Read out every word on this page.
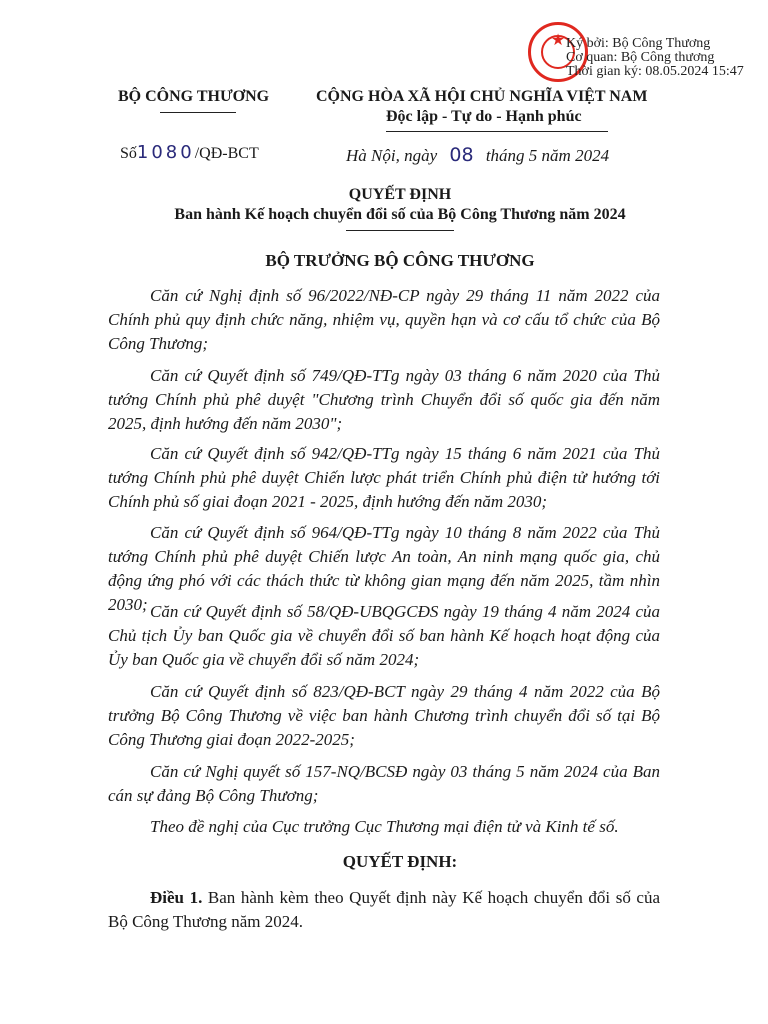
★ Ký bởi: Bộ Công Thương
Cơ quan: Bộ Công thương
Thời gian ký: 08.05.2024 15:47
BỘ CÔNG THƯƠNG	CỘNG HÒA XÃ HỘI CHỦ NGHĨA VIỆT NAM
Độc lập - Tự do - Hạnh phúc
Số1080/QĐ-BCT	Hà Nội, ngày 08 tháng 5 năm 2024
QUYẾT ĐỊNH
Ban hành Kế hoạch chuyển đổi số của Bộ Công Thương năm 2024
BỘ TRƯỞNG BỘ CÔNG THƯƠNG

Căn cứ Nghị định số 96/2022/NĐ-CP ngày 29 tháng 11 năm 2022 của Chính phủ quy định chức năng, nhiệm vụ, quyền hạn và cơ cấu tổ chức của Bộ Công Thương;

Căn cứ Quyết định số 749/QĐ-TTg ngày 03 tháng 6 năm 2020 của Thủ tướng Chính phủ phê duyệt "Chương trình Chuyển đổi số quốc gia đến năm 2025, định hướng đến năm 2030";

Căn cứ Quyết định số 942/QĐ-TTg ngày 15 tháng 6 năm 2021 của Thủ tướng Chính phủ phê duyệt Chiến lược phát triển Chính phủ điện tử hướng tới Chính phủ số giai đoạn 2021 - 2025, định hướng đến năm 2030;

Căn cứ Quyết định số 964/QĐ-TTg ngày 10 tháng 8 năm 2022 của Thủ tướng Chính phủ phê duyệt Chiến lược An toàn, An ninh mạng quốc gia, chủ động ứng phó với các thách thức từ không gian mạng đến năm 2025, tầm nhìn 2030; Căn cứ Quyết định số 58/QĐ-UBQGCĐS ngày 19 tháng 4 năm 2024 của Chủ tịch Ủy ban Quốc gia về chuyển đổi số ban hành Kế hoạch hoạt động của Ủy ban Quốc gia về chuyển đổi số năm 2024;

Căn cứ Quyết định số 823/QĐ-BCT ngày 29 tháng 4 năm 2022 của Bộ trưởng Bộ Công Thương về việc ban hành Chương trình chuyển đổi số tại Bộ Công Thương giai đoạn 2022-2025;

Căn cứ Nghị quyết số 157-NQ/BCSĐ ngày 03 tháng 5 năm 2024 của Ban cán sự đảng Bộ Công Thương;

Theo đề nghị của Cục trưởng Cục Thương mại điện tử và Kinh tế số.

QUYẾT ĐỊNH:

Điều 1. Ban hành kèm theo Quyết định này Kế hoạch chuyển đổi số của Bộ Công Thương năm 2024.
